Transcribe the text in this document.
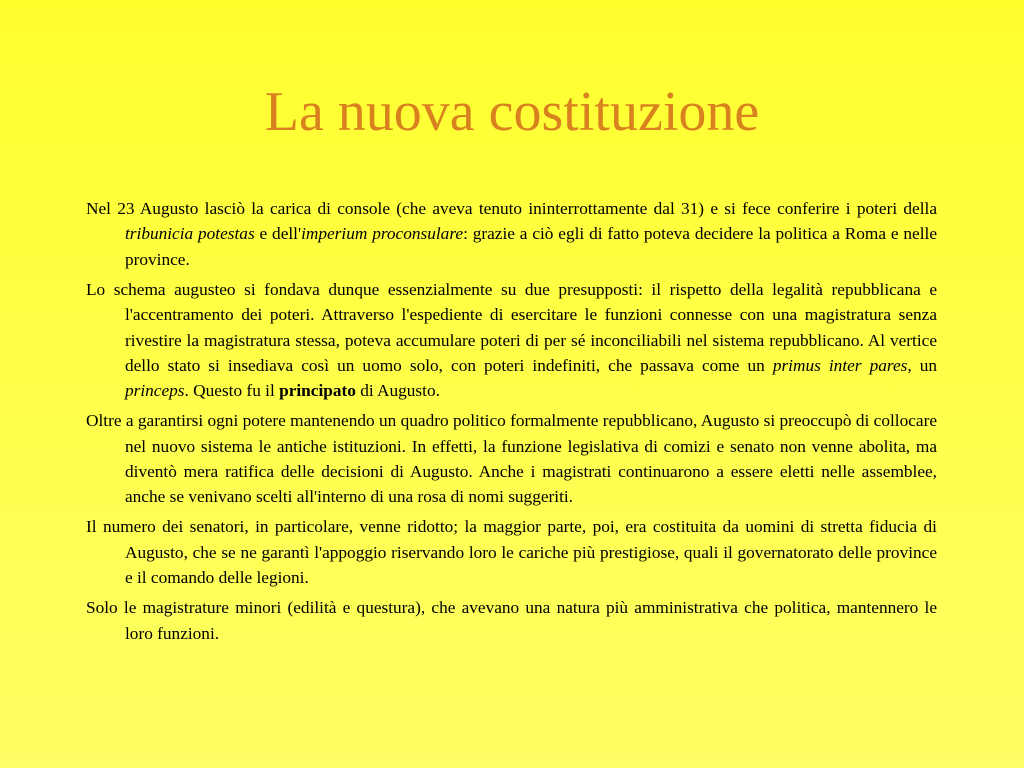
La nuova costituzione

Nel 23 Augusto lasciò la carica di console (che aveva tenuto ininterrottamente dal 31) e si fece conferire i poteri della tribunicia potestas e dell'imperium proconsulare: grazie a ciò egli di fatto poteva decidere la politica a Roma e nelle province.

Lo schema augusteo si fondava dunque essenzialmente su due presupposti: il rispetto della legalità repubblicana e l'accentramento dei poteri. Attraverso l'espediente di esercitare le funzioni connesse con una magistratura senza rivestire la magistratura stessa, poteva accumulare poteri di per sé inconciliabili nel sistema repubblicano. Al vertice dello stato si insediava così un uomo solo, con poteri indefiniti, che passava come un primus inter pares, un princeps. Questo fu il principato di Augusto.

Oltre a garantirsi ogni potere mantenendo un quadro politico formalmente repubblicano, Augusto si preoccupò di collocare nel nuovo sistema le antiche istituzioni. In effetti, la funzione legislativa di comizi e senato non venne abolita, ma diventò mera ratifica delle decisioni di Augusto. Anche i magistrati continuarono a essere eletti nelle assemblee, anche se venivano scelti all'interno di una rosa di nomi suggeriti.

Il numero dei senatori, in particolare, venne ridotto; la maggior parte, poi, era costituita da uomini di stretta fiducia di Augusto, che se ne garantì l'appoggio riservando loro le cariche più prestigiose, quali il governatorato delle province e il comando delle legioni.

Solo le magistrature minori (edilità e questura), che avevano una natura più amministrativa che politica, mantennero le loro funzioni.
